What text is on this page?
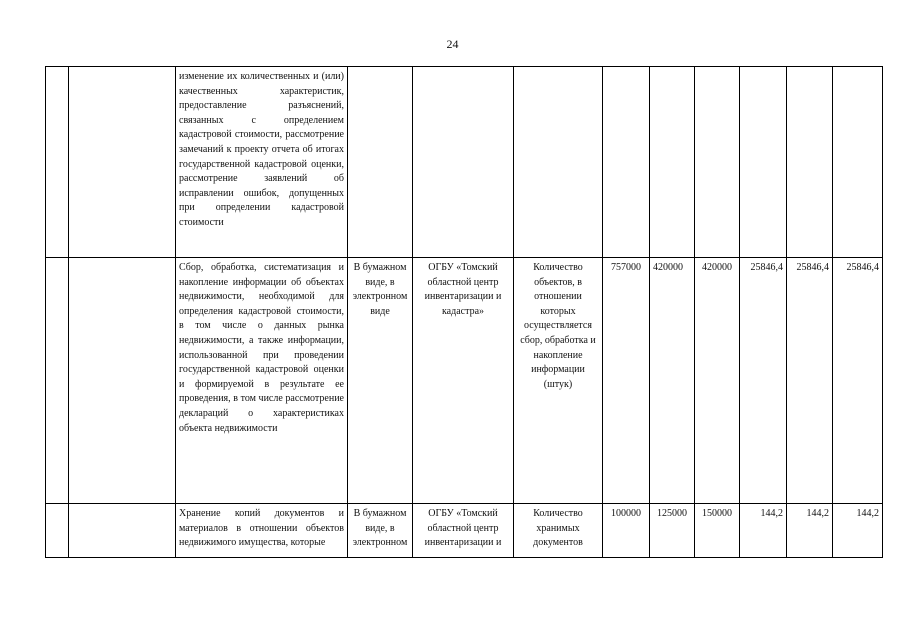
24
		изменение их количественных и (или) качественных характеристик, предоставление разъяснений, связанных с определением кадастровой стоимости, рассмотрение замечаний к проекту отчета об итогах государственной кадастровой оценки, рассмотрение заявлений об исправлении ошибок, допущенных при определении кадастровой стоимости									
		Сбор, обработка, систематизация и накопление информации об объектах недвижимости, необходимой для определения кадастровой стоимости, в том числе о данных рынка недвижимости, а также информации, использованной при проведении государственной кадастровой оценки и формируемой в результате ее проведения, в том числе рассмотрение деклараций о характеристиках объекта недвижимости	В бумажном виде, в электронном виде	ОГБУ «Томский областной центр инвентаризации и кадастра»	Количество объектов, в отношении которых осуществляется сбор, обработка и накопление информации (штук)	757000	420000	420000	25846,4	25846,4	25846,4
		Хранение копий документов и материалов в отношении объектов недвижимого имущества, которые	В бумажном виде, в электронном	ОГБУ «Томский областной центр инвентаризации и	Количество хранимых документов	100000	125000	150000	144,2	144,2	144,2
